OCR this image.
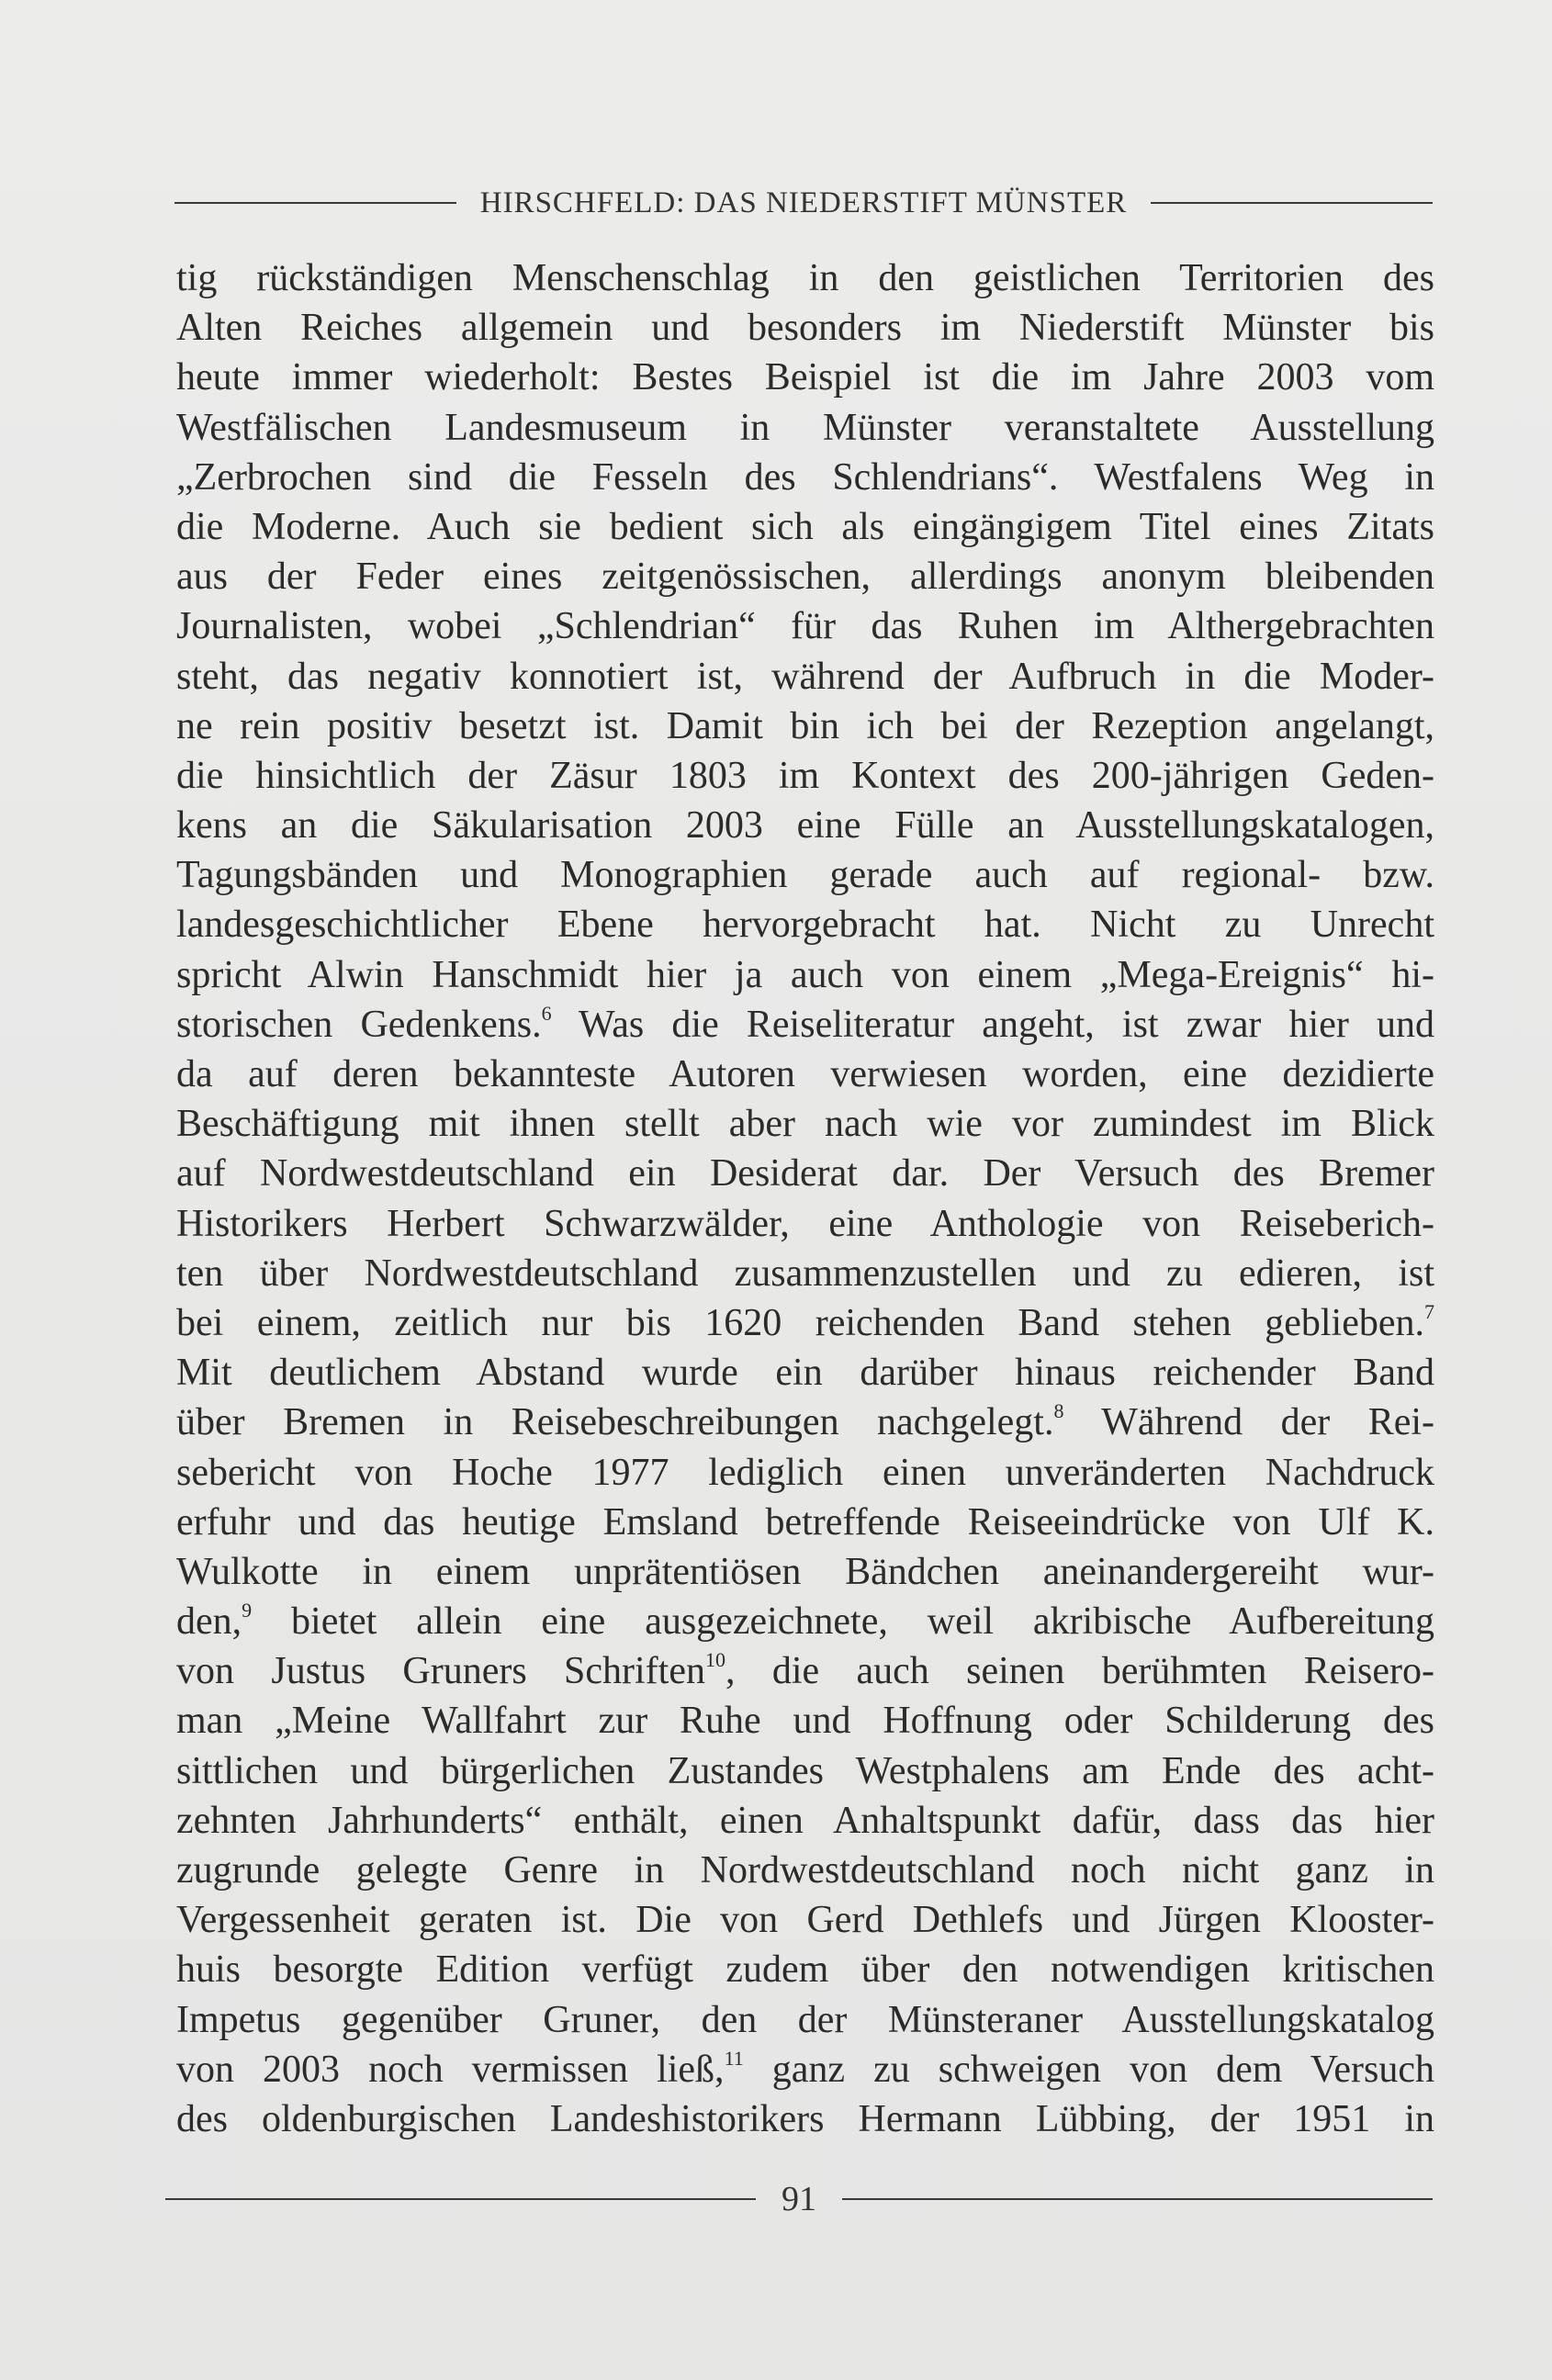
HIRSCHFELD: DAS NIEDERSTIFT MÜNSTER
tig rückständigen Menschenschlag in den geistlichen Territorien des
Alten Reiches allgemein und besonders im Niederstift Münster bis
heute immer wiederholt: Bestes Beispiel ist die im Jahre 2003 vom
Westfälischen Landesmuseum in Münster veranstaltete Ausstellung
„Zerbrochen sind die Fesseln des Schlendrians“. Westfalens Weg in
die Moderne. Auch sie bedient sich als eingängigem Titel eines Zitats
aus der Feder eines zeitgenössischen, allerdings anonym bleibenden
Journalisten, wobei „Schlendrian“ für das Ruhen im Althergebrachten
steht, das negativ konnotiert ist, während der Aufbruch in die Moder-
ne rein positiv besetzt ist. Damit bin ich bei der Rezeption angelangt,
die hinsichtlich der Zäsur 1803 im Kontext des 200-jährigen Geden-
kens an die Säkularisation 2003 eine Fülle an Ausstellungskatalogen,
Tagungsbänden und Monographien gerade auch auf regional- bzw.
landesgeschichtlicher Ebene hervorgebracht hat. Nicht zu Unrecht
spricht Alwin Hanschmidt hier ja auch von einem „Mega-Ereignis“ hi-
storischen Gedenkens.$^6$ Was die Reiseliteratur angeht, ist zwar hier und
da auf deren bekannteste Autoren verwiesen worden, eine dezidierte
Beschäftigung mit ihnen stellt aber nach wie vor zumindest im Blick
auf Nordwestdeutschland ein Desiderat dar. Der Versuch des Bremer
Historikers Herbert Schwarzwälder, eine Anthologie von Reiseberich-
ten über Nordwestdeutschland zusammenzustellen und zu edieren, ist
bei einem, zeitlich nur bis 1620 reichenden Band stehen geblieben.$^7$
Mit deutlichem Abstand wurde ein darüber hinaus reichender Band
über Bremen in Reisebeschreibungen nachgelegt.$^8$ Während der Rei-
sebericht von Hoche 1977 lediglich einen unveränderten Nachdruck
erfuhr und das heutige Emsland betreffende Reiseeindrücke von Ulf K.
Wulkotte in einem unprätentiösen Bändchen aneinandergereiht wur-
den,$^9$ bietet allein eine ausgezeichnete, weil akribische Aufbereitung
von Justus Gruners Schriften$^{10}$, die auch seinen berühmten Reisero-
man „Meine Wallfahrt zur Ruhe und Hoffnung oder Schilderung des
sittlichen und bürgerlichen Zustandes Westphalens am Ende des acht-
zehnten Jahrhunderts“ enthält, einen Anhaltspunkt dafür, dass das hier
zugrunde gelegte Genre in Nordwestdeutschland noch nicht ganz in
Vergessenheit geraten ist. Die von Gerd Dethlefs und Jürgen Klooster-
huis besorgte Edition verfügt zudem über den notwendigen kritischen
Impetus gegenüber Gruner, den der Münsteraner Ausstellungskatalog
von 2003 noch vermissen ließ,$^{11}$ ganz zu schweigen von dem Versuch
des oldenburgischen Landeshistorikers Hermann Lübbing, der 1951 in
91
